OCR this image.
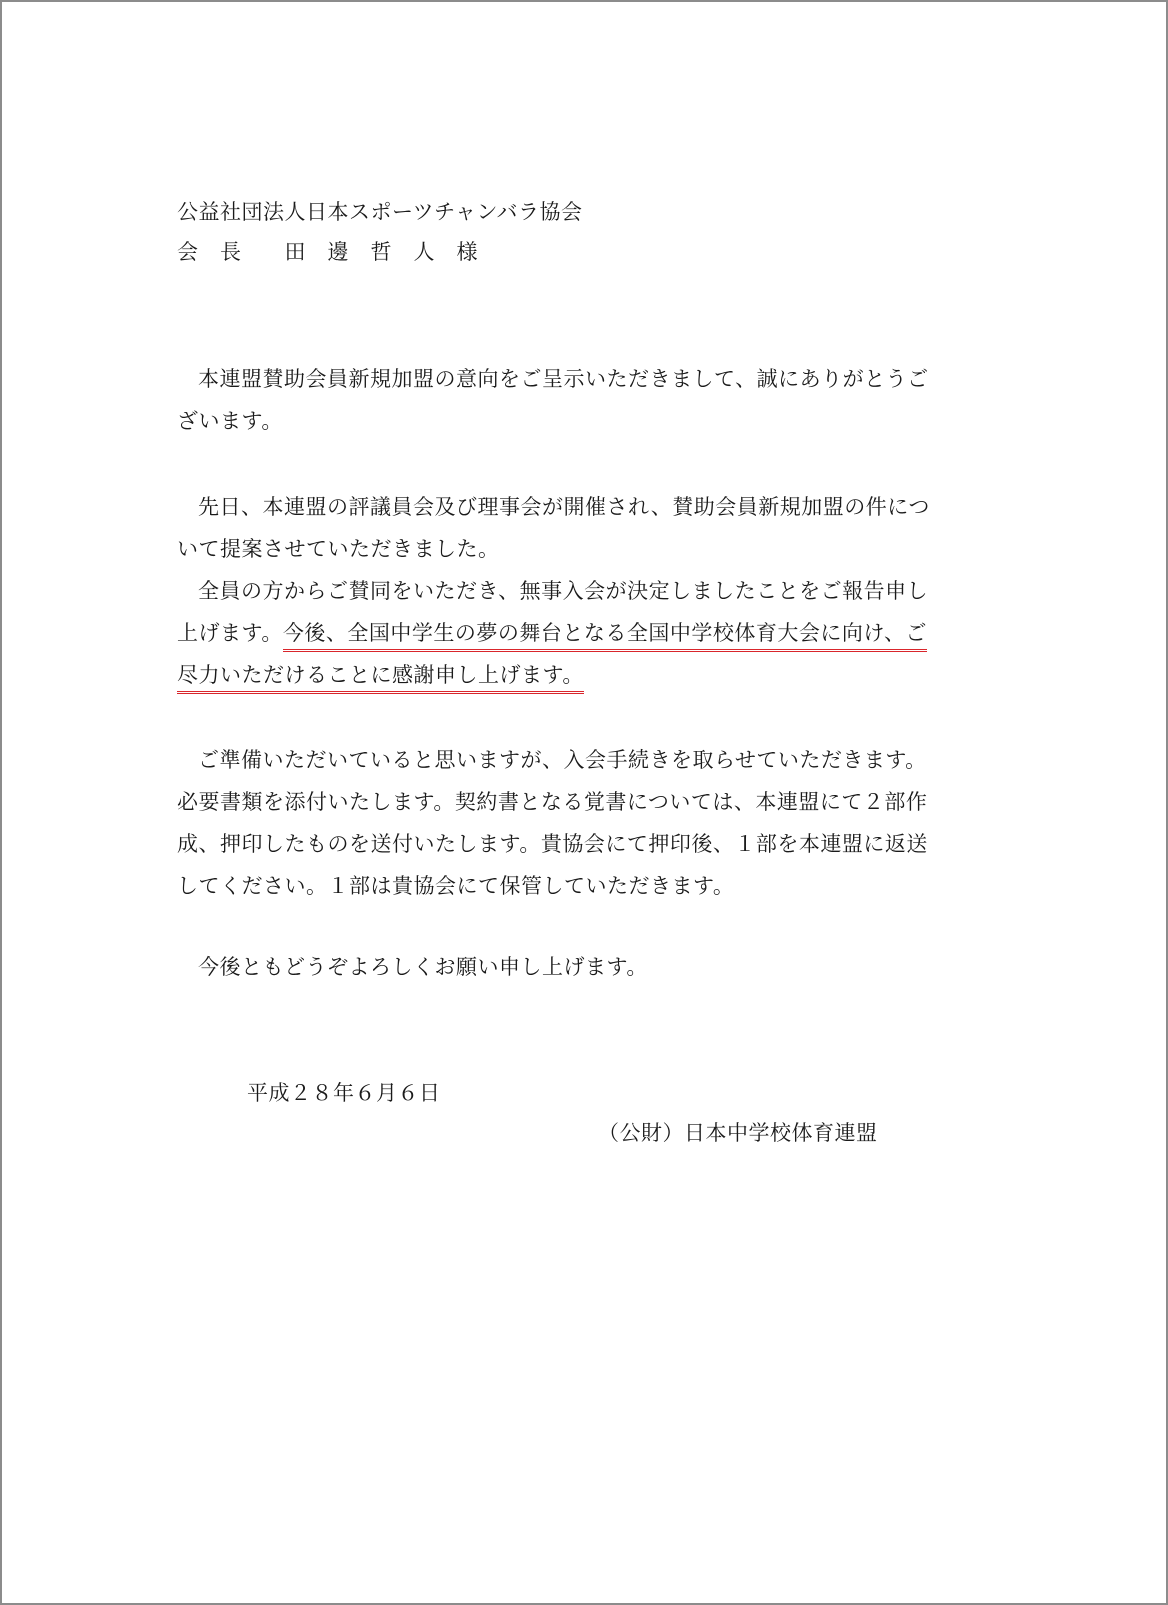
公益社団法人日本スポーツチャンバラ協会
会　長　　田　邊　哲　人　様
本連盟賛助会員新規加盟の意向をご呈示いただきまして、誠にありがとうご
ざいます。
先日、本連盟の評議員会及び理事会が開催され、賛助会員新規加盟の件につ
いて提案させていただきました。
全員の方からご賛同をいただき、無事入会が決定しましたことをご報告申し
上げます。今後、全国中学生の夢の舞台となる全国中学校体育大会に向け、ご
尽力いただけることに感謝申し上げます。
ご準備いただいていると思いますが、入会手続きを取らせていただきます。
必要書類を添付いたします。契約書となる覚書については、本連盟にて２部作
成、押印したものを送付いたします。貴協会にて押印後、１部を本連盟に返送
してください。１部は貴協会にて保管していただきます。
今後ともどうぞよろしくお願い申し上げます。
平成２８年６月６日
（公財）日本中学校体育連盟
